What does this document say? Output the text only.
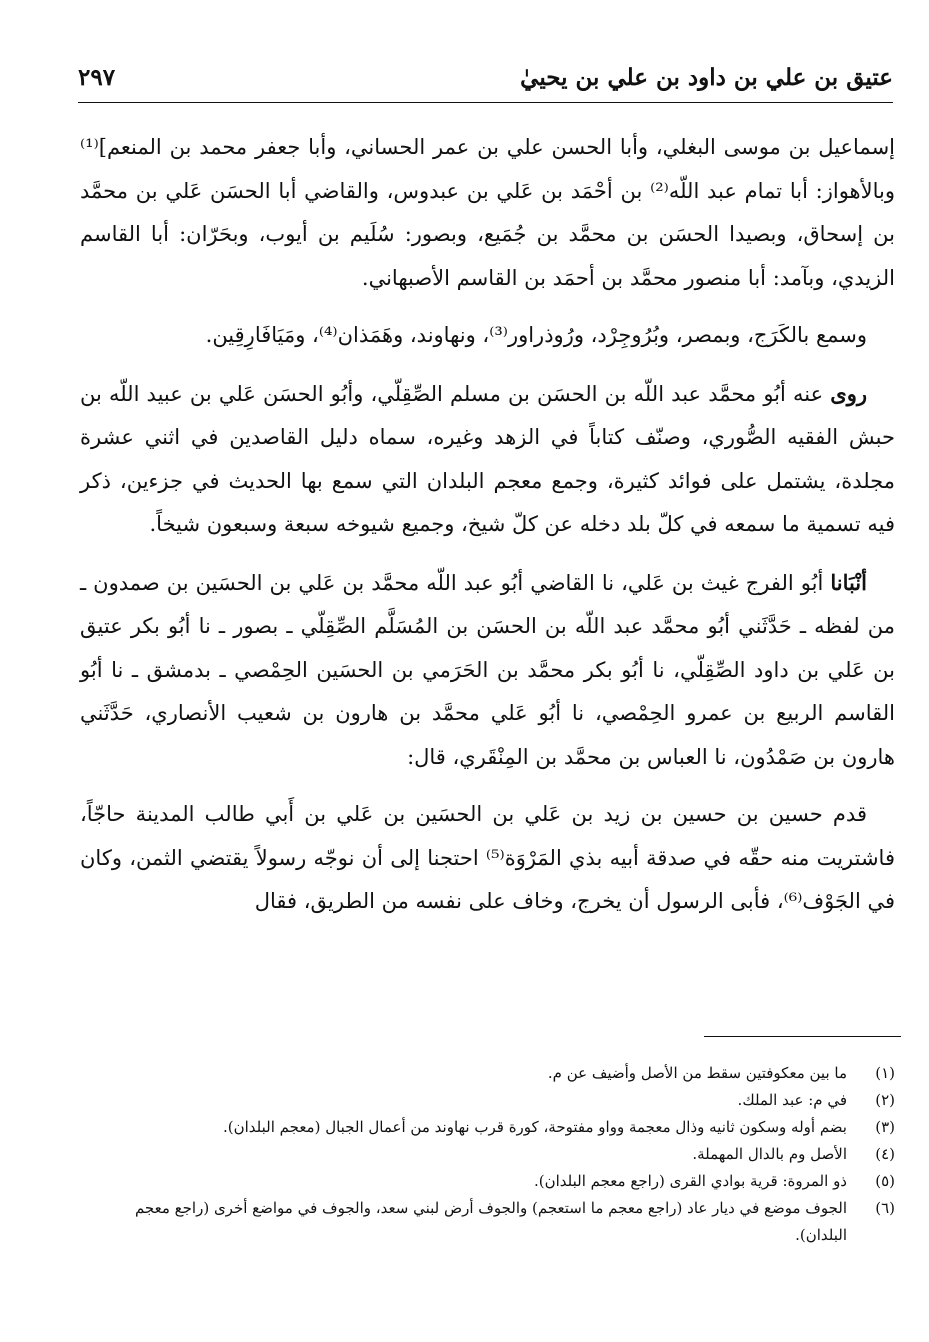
عتيق بن علي بن داود بن علي بن يحييٰ
٢٩٧

إسماعيل بن موسى البغلي، وأبا الحسن علي بن عمر الحساني، وأبا جعفر محمد بن المنعم]⁽¹⁾ وبالأهواز: أبا تمام عبد اللّه⁽²⁾ بن أحْمَد بن عَلي بن عبدوس، والقاضي أبا الحسَن عَلي بن محمَّد بن إسحاق، وبصيدا الحسَن بن محمَّد بن جُمَيع، وبصور: سُلَيم بن أيوب، وبحَرّان: أبا القاسم الزيدي، وبآمد: أبا منصور محمَّد بن أحمَد بن القاسم الأصبهاني.

وسمع بالكَرَج، وبمصر، وبُرُوجِرْد، ورُوذراور⁽³⁾، ونهاوند، وهَمَذان⁽⁴⁾، ومَيَافَارِقِين.

روى عنه أبُو محمَّد عبد اللّه بن الحسَن بن مسلم الصِّقِلّي، وأبُو الحسَن عَلي بن عبيد اللّه بن حبش الفقيه الصُّوري، وصنّف كتاباً في الزهد وغيره، سماه دليل القاصدين في اثني عشرة مجلدة، يشتمل على فوائد كثيرة، وجمع معجم البلدان التي سمع بها الحديث في جزءين، ذكر فيه تسمية ما سمعه في كلّ بلد دخله عن كلّ شيخ، وجميع شيوخه سبعة وسبعون شيخاً.

أنْبَانا أبُو الفرج غيث بن عَلي، نا القاضي أبُو عبد اللّه محمَّد بن عَلي بن الحسَين بن صمدون ـ من لفظه ـ حَدَّثَني أبُو محمَّد عبد اللّه بن الحسَن بن المُسَلَّم الصِّقِلّي ـ بصور ـ نا أبُو بكر عتيق بن عَلي بن داود الصِّقِلّي، نا أبُو بكر محمَّد بن الحَرَمي بن الحسَين الحِمْصي ـ بدمشق ـ نا أبُو القاسم الربيع بن عمرو الحِمْصي، نا أبُو عَلي محمَّد بن هارون بن شعيب الأنصاري، حَدَّثَني هارون بن صَمْدُون، نا العباس بن محمَّد بن المِنْقَري، قال:

قدم حسين بن حسين بن زيد بن عَلي بن الحسَين بن عَلي بن أَبي طالب المدينة حاجّاً، فاشتريت منه حقّه في صدقة أبيه بذي المَرْوَة⁽⁵⁾ احتجنا إلى أن نوجّه رسولاً يقتضي الثمن، وكان في الجَوْف⁽⁶⁾، فأبى الرسول أن يخرج، وخاف على نفسه من الطريق، فقال

(١)
ما بين معكوفتين سقط من الأصل وأضيف عن م.
(٢)
في م: عبد الملك.
(٣)
بضم أوله وسكون ثانيه وذال معجمة وواو مفتوحة، كورة قرب نهاوند من أعمال الجبال (معجم البلدان).
(٤)
الأصل وم بالدال المهملة.
(٥)
ذو المروة: قرية بوادي القرى (راجع معجم البلدان).
(٦)
الجوف موضع في ديار عاد (راجع معجم ما استعجم) والجوف أرض لبني سعد، والجوف في مواضع أخرى (راجع معجم البلدان).
